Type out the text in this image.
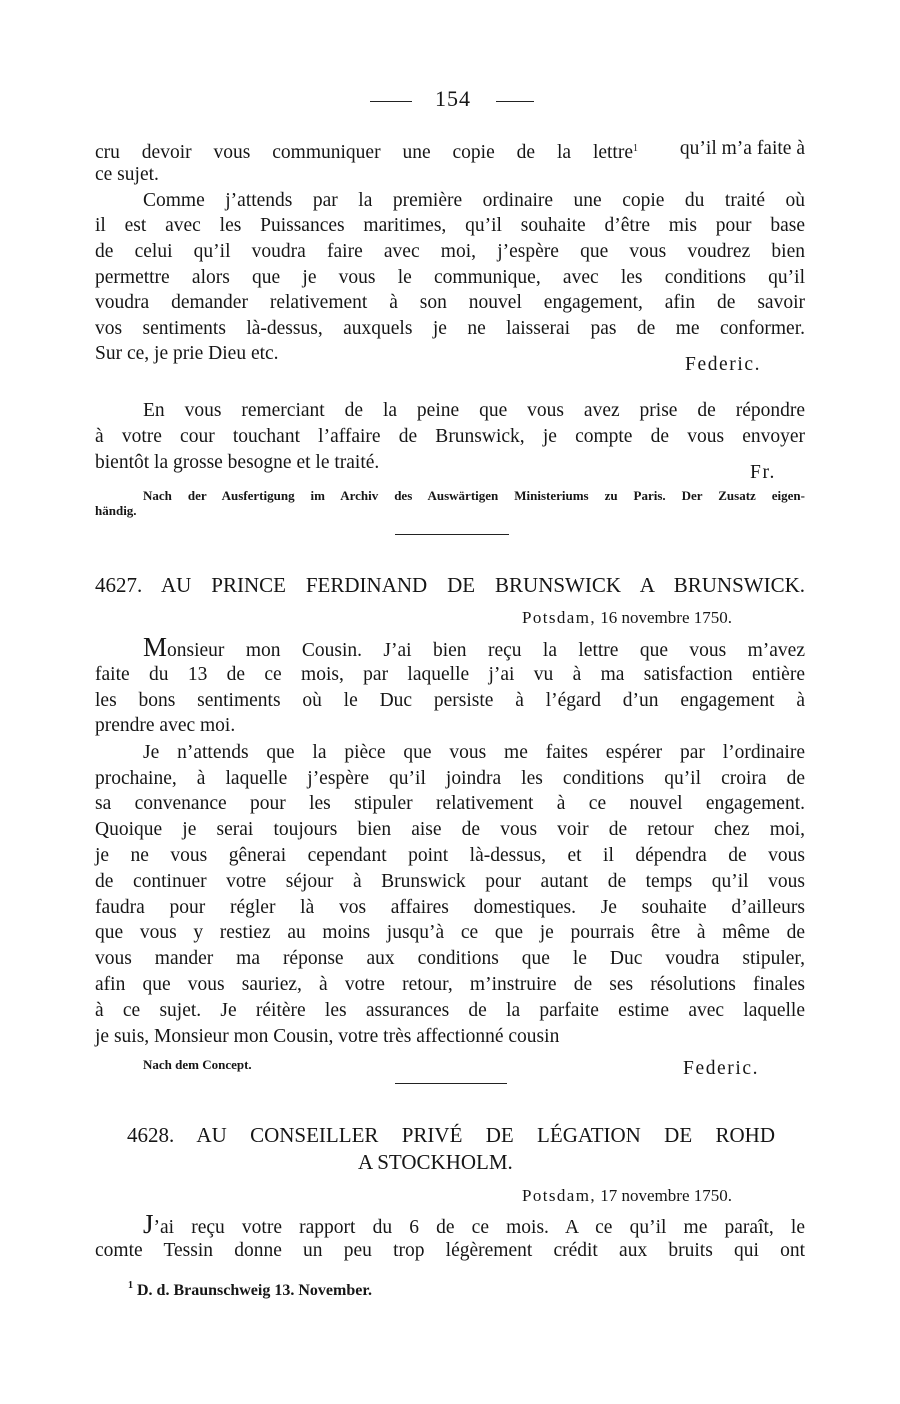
154
cru devoir vous communiquer une copie de la lettre$^1$ qu’il m’a faite à
ce sujet.
Comme j’attends par la première ordinaire une copie du traité où
il est avec les Puissances maritimes, qu’il souhaite d’être mis pour base
de celui qu’il voudra faire avec moi, j’espère que vous voudrez bien
permettre alors que je vous le communique, avec les conditions qu’il
voudra demander relativement à son nouvel engagement, afin de savoir
vos sentiments là-dessus, auxquels je ne laisserai pas de me conformer.
Sur ce, je prie Dieu etc.
Federic.
En vous remerciant de la peine que vous avez prise de répondre
à votre cour touchant l’affaire de Brunswick, je compte de vous envoyer
bientôt la grosse besogne et le traité.	Fr.
Nach der Ausfertigung im Archiv des Auswärtigen Ministeriums zu Paris. Der Zusatz eigen-
händig.
4627. AU PRINCE FERDINAND DE BRUNSWICK A BRUNSWICK.
Potsdam, 16 novembre 1750.
Monsieur mon Cousin. J’ai bien reçu la lettre que vous m’avez
faite du 13 de ce mois, par laquelle j’ai vu à ma satisfaction entière
les bons sentiments où le Duc persiste à l’égard d’un engagement à
prendre avec moi.
Je n’attends que la pièce que vous me faites espérer par l’ordinaire
prochaine, à laquelle j’espère qu’il joindra les conditions qu’il croira de
sa convenance pour les stipuler relativement à ce nouvel engagement.
Quoique je serai toujours bien aise de vous voir de retour chez moi,
je ne vous gênerai cependant point là-dessus, et il dépendra de vous
de continuer votre séjour à Brunswick pour autant de temps qu’il vous
faudra pour régler là vos affaires domestiques. Je souhaite d’ailleurs
que vous y restiez au moins jusqu’à ce que je pourrais être à même de
vous mander ma réponse aux conditions que le Duc voudra stipuler,
afin que vous sauriez, à votre retour, m’instruire de ses résolutions finales
à ce sujet. Je réitère les assurances de la parfaite estime avec laquelle
je suis, Monsieur mon Cousin, votre très affectionné cousin
Nach dem Concept.	Federic.
4628. AU CONSEILLER PRIVÉ DE LÉGATION DE ROHD
A STOCKHOLM.
Potsdam, 17 novembre 1750.
J’ai reçu votre rapport du 6 de ce mois. A ce qu’il me paraît, le
comte Tessin donne un peu trop légèrement crédit aux bruits qui ont
$^1$ D. d. Braunschweig 13. November.
